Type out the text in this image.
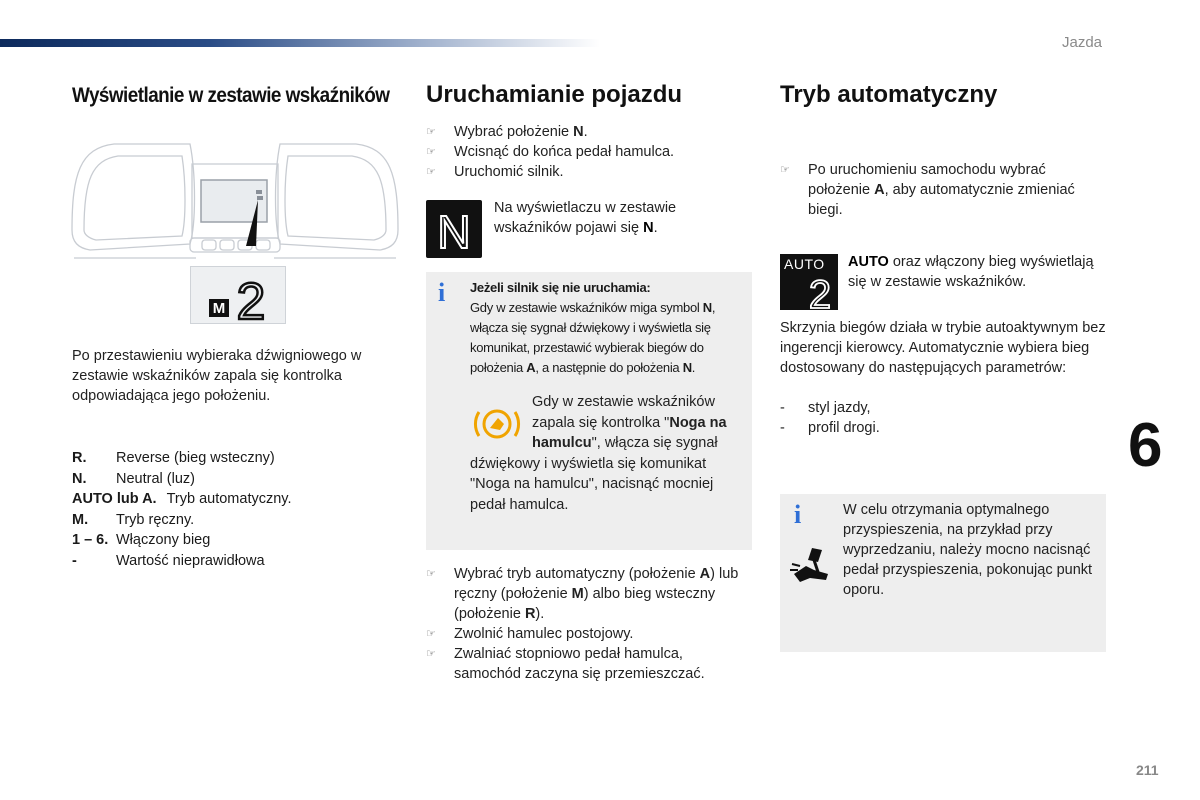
Jazda
6
211
Wyświetlanie w zestawie wskaźników
M 2
Po przestawieniu wybieraka dźwigniowego w zestawie wskaźników zapala się kontrolka odpowiadająca jego położeniu.
R.	Reverse (bieg wsteczny)
N.	Neutral (luz)
AUTO lub A. Tryb automatyczny.
M.	Tryb ręczny.
1 – 6. Włączony bieg
-	Wartość nieprawidłowa
Uruchamianie pojazdu
☞ Wybrać położenie N.
☞ Wcisnąć do końca pedał hamulca.
☞ Uruchomić silnik.
N Na wyświetlaczu w zestawie wskaźników pojawi się N.
i Jeżeli silnik się nie uruchamia:
Gdy w zestawie wskaźników miga symbol N, włącza się sygnał dźwiękowy i wyświetla się komunikat, przestawić wybierak biegów do położenia A, a następnie do położenia N.
Gdy w zestawie wskaźników zapala się kontrolka "Noga na hamulcu", włącza się sygnał dźwiękowy i wyświetla się komunikat "Noga na hamulcu", nacisnąć mocniej pedał hamulca.
☞ Wybrać tryb automatyczny (położenie A) lub ręczny (położenie M) albo bieg wsteczny (położenie R).
☞ Zwolnić hamulec postojowy.
☞ Zwalniać stopniowo pedał hamulca, samochód zaczyna się przemieszczać.
Tryb automatyczny
☞ Po uruchomieniu samochodu wybrać położenie A, aby automatycznie zmieniać biegi.
AUTO
2
AUTO oraz włączony bieg wyświetlają się w zestawie wskaźników.
Skrzynia biegów działa w trybie autoaktywnym bez ingerencji kierowcy. Automatycznie wybiera bieg dostosowany do następujących parametrów:
- styl jazdy,
- profil drogi.
i	W celu otrzymania optymalnego przyspieszenia, na przykład przy wyprzedzaniu, należy mocno nacisnąć pedał przyspieszenia, pokonując punkt oporu.
